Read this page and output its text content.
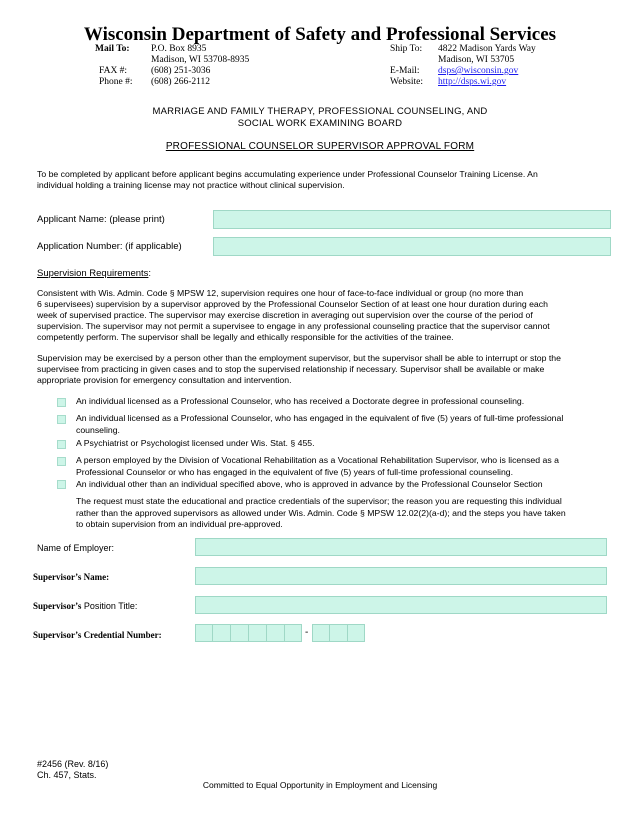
Wisconsin Department of Safety and Professional Services
Mail To: P.O. Box 8935
Madison, WI 53708-8935
FAX #:	(608) 251-3036
Phone #: (608) 266-2112
Ship To: 4822 Madison Yards Way
Madison, WI 53705
E-Mail: dsps@wisconsin.gov
Website: http://dsps.wi.gov
MARRIAGE AND FAMILY THERAPY, PROFESSIONAL COUNSELING, AND
SOCIAL WORK EXAMINING BOARD
PROFESSIONAL COUNSELOR SUPERVISOR APPROVAL FORM
To be completed by applicant before applicant begins accumulating experience under Professional Counselor Training License. An
individual holding a training license may not practice without clinical supervision.
Applicant Name: (please print)
Application Number: (if applicable)
Supervision Requirements:
Consistent with Wis. Admin. Code § MPSW 12, supervision requires one hour of face-to-face individual or group (no more than
6 supervisees) supervision by a supervisor approved by the Professional Counselor Section of at least one hour duration during each
week of supervised practice. The supervisor may exercise discretion in averaging out supervision over the course of the period of
supervision. The supervisor may not permit a supervisee to engage in any professional counseling practice that the supervisor cannot
competently perform. The supervisor shall be legally and ethically responsible for the activities of the trainee.
Supervision may be exercised by a person other than the employment supervisor, but the supervisor shall be able to interrupt or stop the
supervisee from practicing in given cases and to stop the supervised relationship if necessary. Supervisor shall be available or make
appropriate provision for emergency consultation and intervention.
An individual licensed as a Professional Counselor, who has received a Doctorate degree in professional counseling.
An individual licensed as a Professional Counselor, who has engaged in the equivalent of five (5) years of full-time professional
counseling.
A Psychiatrist or Psychologist licensed under Wis. Stat. § 455.
A person employed by the Division of Vocational Rehabilitation as a Vocational Rehabilitation Supervisor, who is licensed as a
Professional Counselor or who has engaged in the equivalent of five (5) years of full-time professional counseling.
An individual other than an individual specified above, who is approved in advance by the Professional Counselor Section
The request must state the educational and practice credentials of the supervisor; the reason you are requesting this individual
rather than the approved supervisors as allowed under Wis. Admin. Code § MPSW 12.02(2)(a-d); and the steps you have taken
to obtain supervision from an individual pre-approved.
Name of Employer:
Supervisor’s Name:
Supervisor’s Position Title:
Supervisor’s Credential Number:	-
#2456 (Rev. 8/16)
Ch. 457, Stats.
Committed to Equal Opportunity in Employment and Licensing
